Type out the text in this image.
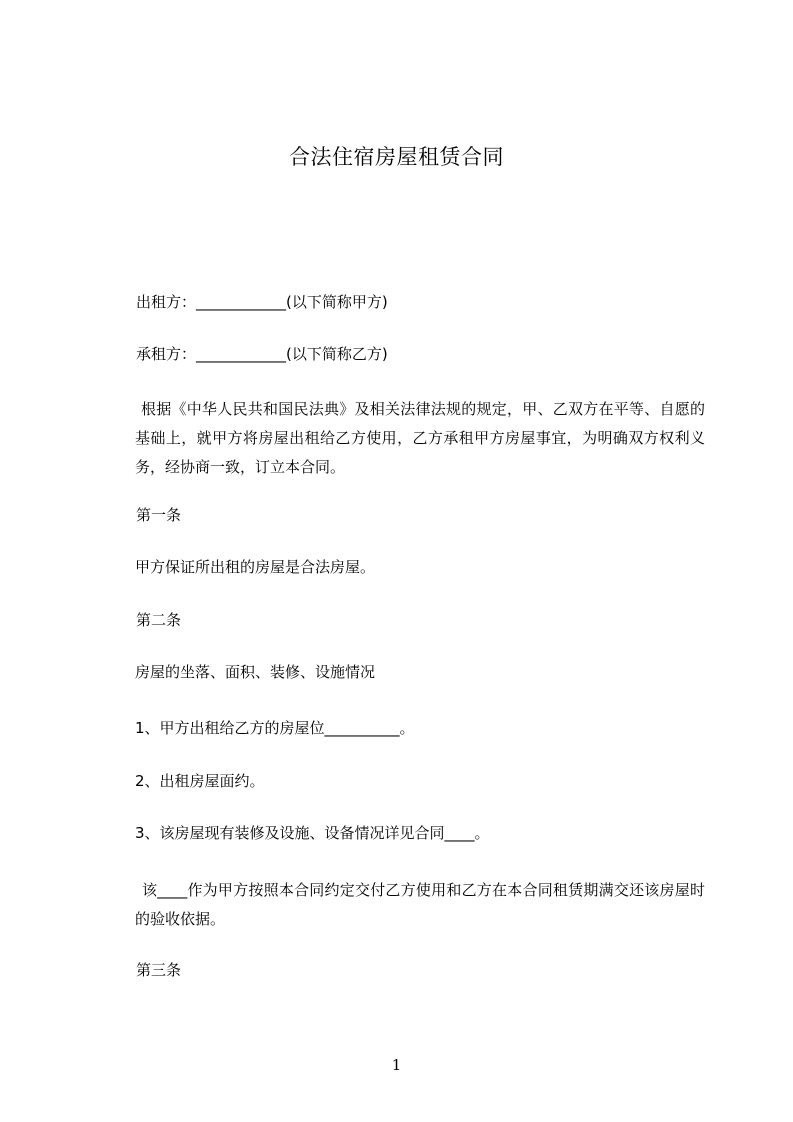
合法住宿房屋租赁合同
出租方：____________(以下简称甲方)
承租方：____________(以下简称乙方)
根据《中华人民共和国民法典》及相关法律法规的规定，甲、乙双方在平等、自愿的基础上，就甲方将房屋出租给乙方使用，乙方承租甲方房屋事宜，为明确双方权利义务，经协商一致，订立本合同。
第一条
甲方保证所出租的房屋是合法房屋。
第二条
房屋的坐落、面积、装修、设施情况
1、甲方出租给乙方的房屋位__________。
2、出租房屋面约。
3、该房屋现有装修及设施、设备情况详见合同____。
该____作为甲方按照本合同约定交付乙方使用和乙方在本合同租赁期满交还该房屋时的验收依据。
第三条
1
